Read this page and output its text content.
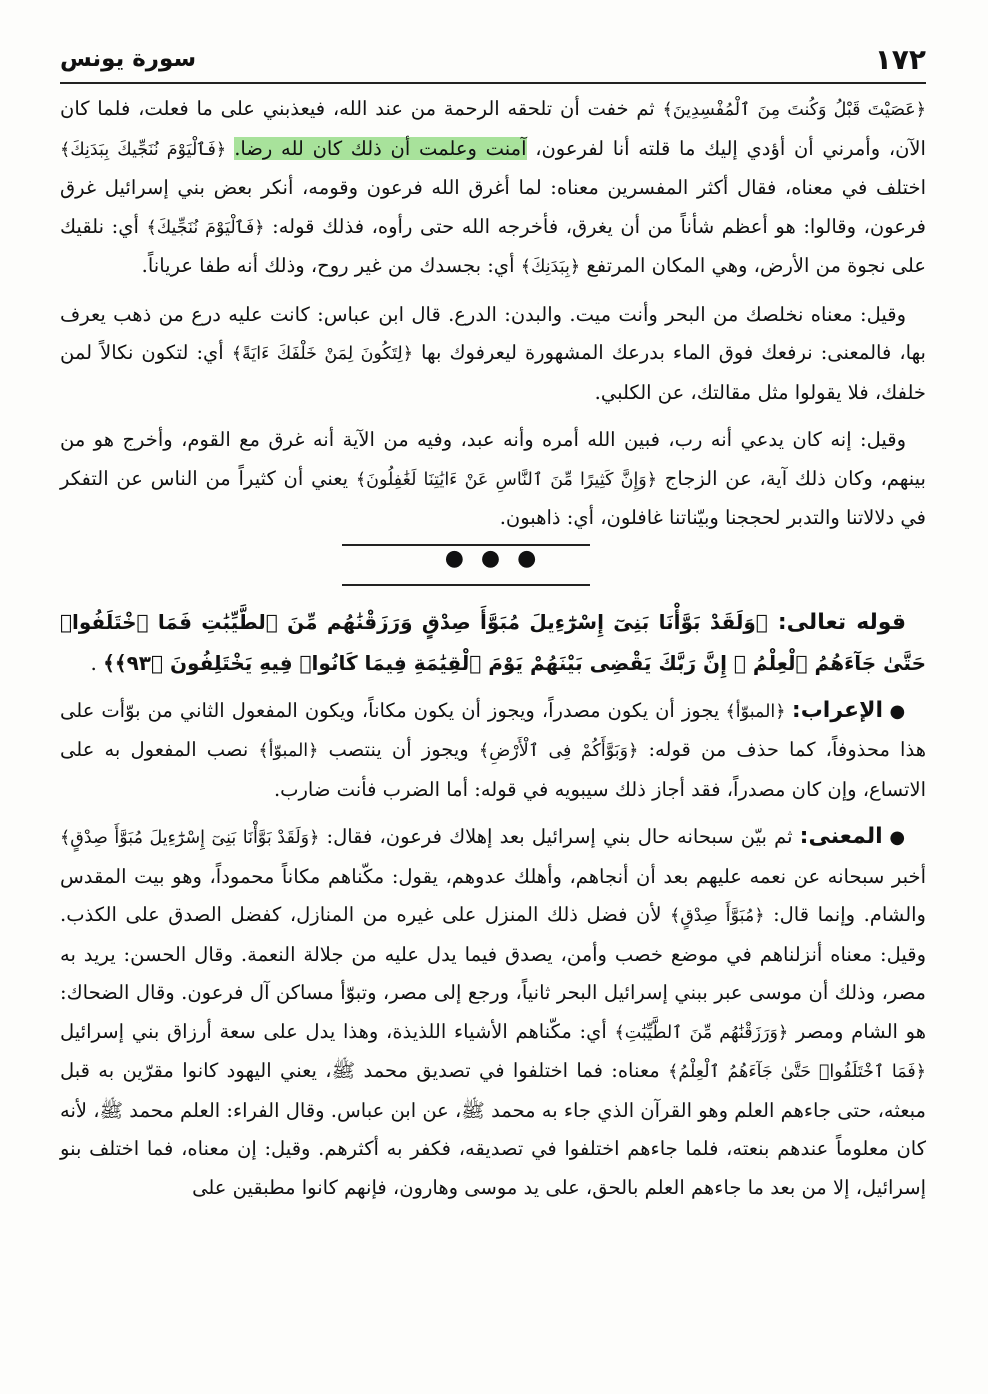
١٧٢
سورة يونس

﴿عَصَيْتَ قَبْلُ وَكُنتَ مِنَ ٱلْمُفْسِدِينَ﴾ ثم خفت أن تلحقه الرحمة من عند الله، فيعذبني على ما فعلت، فلما كان الآن، وأمرني أن أؤدي إليك ما قلته أنا لفرعون، آمنت وعلمت أن ذلك كان لله رضا. ﴿فَٱلْيَوْمَ نُنَجِّيكَ بِبَدَنِكَ﴾ اختلف في معناه، فقال أكثر المفسرين معناه: لما أغرق الله فرعون وقومه، أنكر بعض بني إسرائيل غرق فرعون، وقالوا: هو أعظم شأناً من أن يغرق، فأخرجه الله حتى رأوه، فذلك قوله: ﴿فَٱلْيَوْمَ نُنَجِّيكَ﴾ أي: نلقيك على نجوة من الأرض، وهي المكان المرتفع ﴿بِبَدَنِكَ﴾ أي: بجسدك من غير روح، وذلك أنه طفا عرياناً.

وقيل: معناه نخلصك من البحر وأنت ميت. والبدن: الدرع. قال ابن عباس: كانت عليه درع من ذهب يعرف بها، فالمعنى: نرفعك فوق الماء بدرعك المشهورة ليعرفوك بها ﴿لِتَكُونَ لِمَنْ خَلْفَكَ ءَايَةً﴾ أي: لتكون نكالاً لمن خلفك، فلا يقولوا مثل مقالتك، عن الكلبي.

وقيل: إنه كان يدعي أنه رب، فبين الله أمره وأنه عبد، وفيه من الآية أنه غرق مع القوم، وأخرج هو من بينهم، وكان ذلك آية، عن الزجاج ﴿وَإِنَّ كَثِيرًا مِّنَ ٱلنَّاسِ عَنْ ءَايَٰتِنَا لَغَٰفِلُونَ﴾ يعني أن كثيراً من الناس عن التفكر في دلالاتنا والتدبر لحججنا وبيّناتنا غافلون، أي: ذاهبون.

● ● ●

قوله تعالى: ﴿وَلَقَدْ بَوَّأْنَا بَنِىٓ إِسْرَٰٓءِيلَ مُبَوَّأَ صِدْقٍ وَرَزَقْنَٰهُم مِّنَ ٱلطَّيِّبَٰتِ فَمَا ٱخْتَلَفُوا۟ حَتَّىٰ جَآءَهُمُ ٱلْعِلْمُ ۚ إِنَّ رَبَّكَ يَقْضِى بَيْنَهُمْ يَوْمَ ٱلْقِيَٰمَةِ فِيمَا كَانُوا۟ فِيهِ يَخْتَلِفُونَ ﴿٩٣﴾﴾ .

● الإعراب: ﴿المبوّأ﴾ يجوز أن يكون مصدراً، ويجوز أن يكون مكاناً، ويكون المفعول الثاني من بوّأت على هذا محذوفاً، كما حذف من قوله: ﴿وَبَوَّأَكُمْ فِى ٱلْأَرْضِ﴾ ويجوز أن ينتصب ﴿المبوّأ﴾ نصب المفعول به على الاتساع، وإن كان مصدراً، فقد أجاز ذلك سيبويه في قوله: أما الضرب فأنت ضارب.

● المعنى: ثم بيّن سبحانه حال بني إسرائيل بعد إهلاك فرعون، فقال: ﴿وَلَقَدْ بَوَّأْنَا بَنِىٓ إِسْرَٰٓءِيلَ مُبَوَّأَ صِدْقٍ﴾ أخبر سبحانه عن نعمه عليهم بعد أن أنجاهم، وأهلك عدوهم، يقول: مكّناهم مكاناً محموداً، وهو بيت المقدس والشام. وإنما قال: ﴿مُبَوَّأَ صِدْقٍ﴾ لأن فضل ذلك المنزل على غيره من المنازل، كفضل الصدق على الكذب. وقيل: معناه أنزلناهم في موضع خصب وأمن، يصدق فيما يدل عليه من جلالة النعمة. وقال الحسن: يريد به مصر، وذلك أن موسى عبر ببني إسرائيل البحر ثانياً، ورجع إلى مصر، وتبوّأ مساكن آل فرعون. وقال الضحاك: هو الشام ومصر ﴿وَرَزَقْنَٰهُم مِّنَ ٱلطَّيِّبَٰتِ﴾ أي: مكّناهم الأشياء اللذيذة، وهذا يدل على سعة أرزاق بني إسرائيل ﴿فَمَا ٱخْتَلَفُوا۟ حَتَّىٰ جَآءَهُمُ ٱلْعِلْمُ﴾ معناه: فما اختلفوا في تصديق محمد ﷺ، يعني اليهود كانوا مقرّين به قبل مبعثه، حتى جاءهم العلم وهو القرآن الذي جاء به محمد ﷺ، عن ابن عباس. وقال الفراء: العلم محمد ﷺ، لأنه كان معلوماً عندهم بنعته، فلما جاءهم اختلفوا في تصديقه، فكفر به أكثرهم. وقيل: إن معناه، فما اختلف بنو إسرائيل، إلا من بعد ما جاءهم العلم بالحق، على يد موسى وهارون، فإنهم كانوا مطبقين على
